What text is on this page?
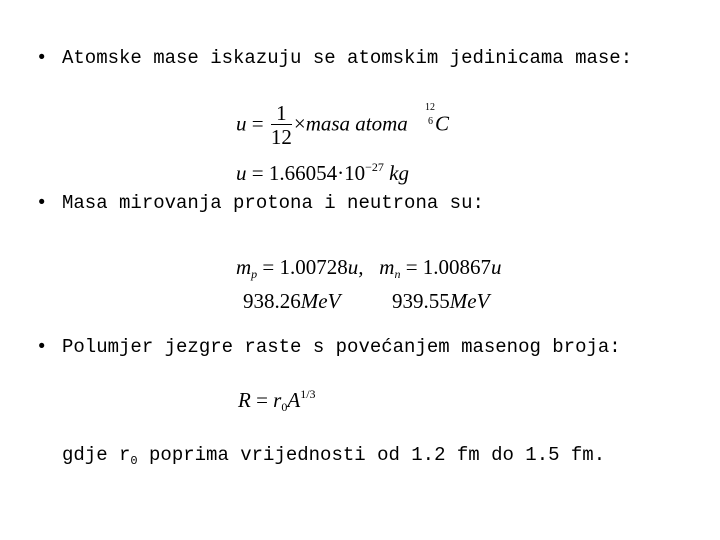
• Atomske mase iskazuju se atomskim jedinicama mase:
$u = \frac{1}{12}$ ×masa atoma
12
6 C
$u = 1.66054\cdot 10^{-27}$ kg
• Masa mirovanja protona i neutrona su:
$m_p = 1.00728u$, $m_n = 1.00867u$
938.26MeV 939.55MeV
• Polumjer jezgre raste s povećanjem masenog broja:
$R = r_0A^{1/3}$
gdje $r_0$ poprima vrijednosti od 1.2 fm do 1.5 fm.
